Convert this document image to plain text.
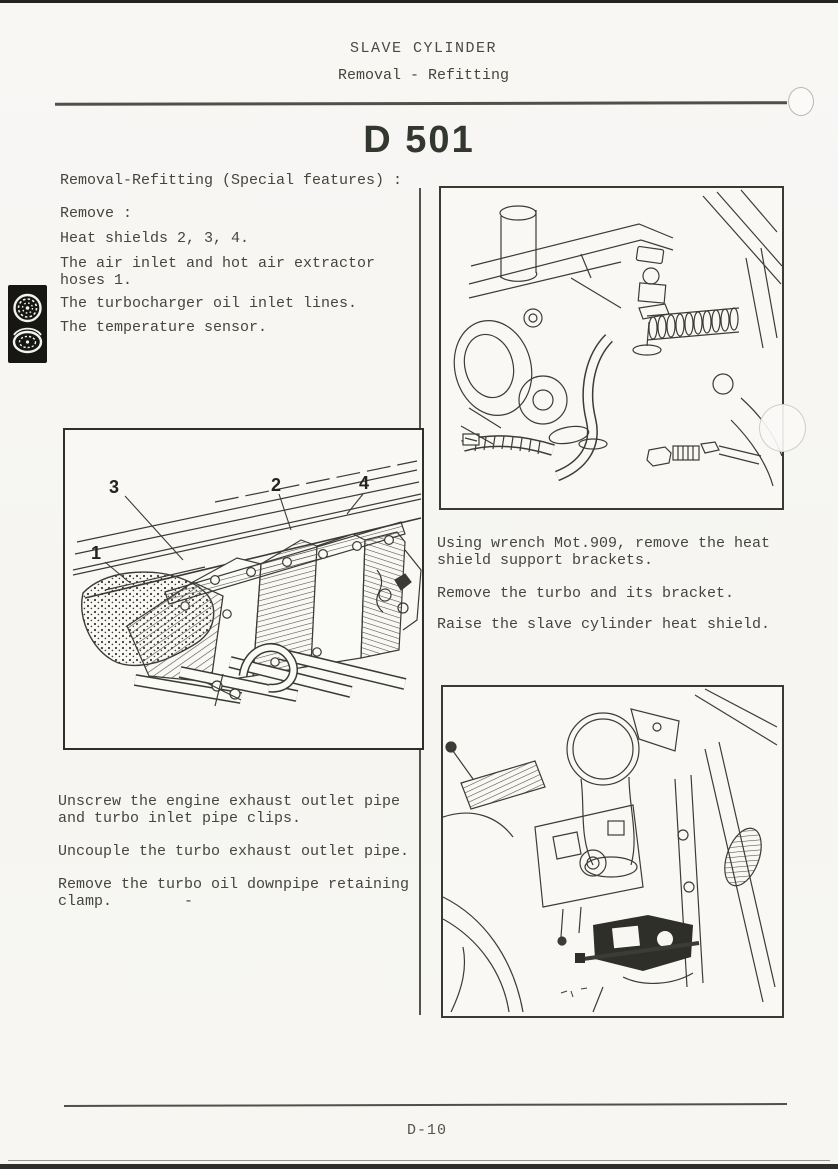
SLAVE CYLINDER
Removal - Refitting
D 501
Removal-Refitting (Special features) :
Remove :
Heat shields 2, 3, 4.
The air inlet and hot air extractor
hoses 1.
The turbocharger oil inlet lines.
The temperature sensor.
1
2
3	4
Using wrench Mot.909, remove the heat
shield support brackets.
Remove the turbo and its bracket.
Raise the slave cylinder heat shield.
Unscrew the engine exhaust outlet pipe
and turbo inlet pipe clips.
Uncouple the turbo exhaust outlet pipe.
Remove the turbo oil downpipe retaining
clamp.        -
D-10
